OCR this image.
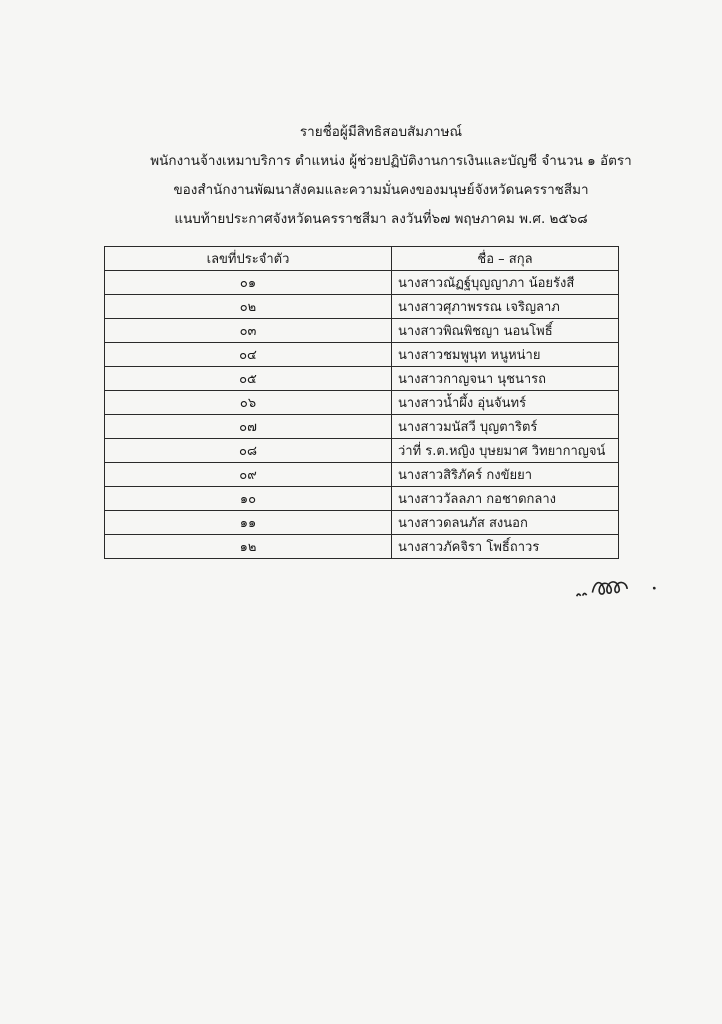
รายชื่อผู้มีสิทธิสอบสัมภาษณ์
พนักงานจ้างเหมาบริการ ตำแหน่ง ผู้ช่วยปฏิบัติงานการเงินและบัญชี จำนวน ๑ อัตรา
ของสำนักงานพัฒนาสังคมและความมั่นคงของมนุษย์จังหวัดนครราชสีมา
แนบท้ายประกาศจังหวัดนครราชสีมา ลงวันที่๖๗ พฤษภาคม พ.ศ. ๒๕๖๘
เลขที่ประจำตัว	ชื่อ – สกุล
๐๑	นางสาวณัฏฐ์บุญญาภา น้อยรังสี
๐๒	นางสาวศุภาพรรณ เจริญลาภ
๐๓	นางสาวพิณพิชญา นอนโพธิ์
๐๔	นางสาวชมพูนุท หนูหน่าย
๐๕	นางสาวกาญจนา นุชนารถ
๐๖	นางสาวน้ำผึ้ง อุ่นจันทร์
๐๗	นางสาวมนัสวี บุญตาริตร์
๐๘	ว่าที่ ร.ต.หญิง บุษยมาศ วิทยากาญจน์
๐๙	นางสาวสิริภัคร์ กงขัยยา
๑๐	นางสาววัลลภา กอชาดกลาง
๑๑	นางสาวดลนภัส สงนอก
๑๒	นางสาวภัคจิรา โพธิ์ถาวร
